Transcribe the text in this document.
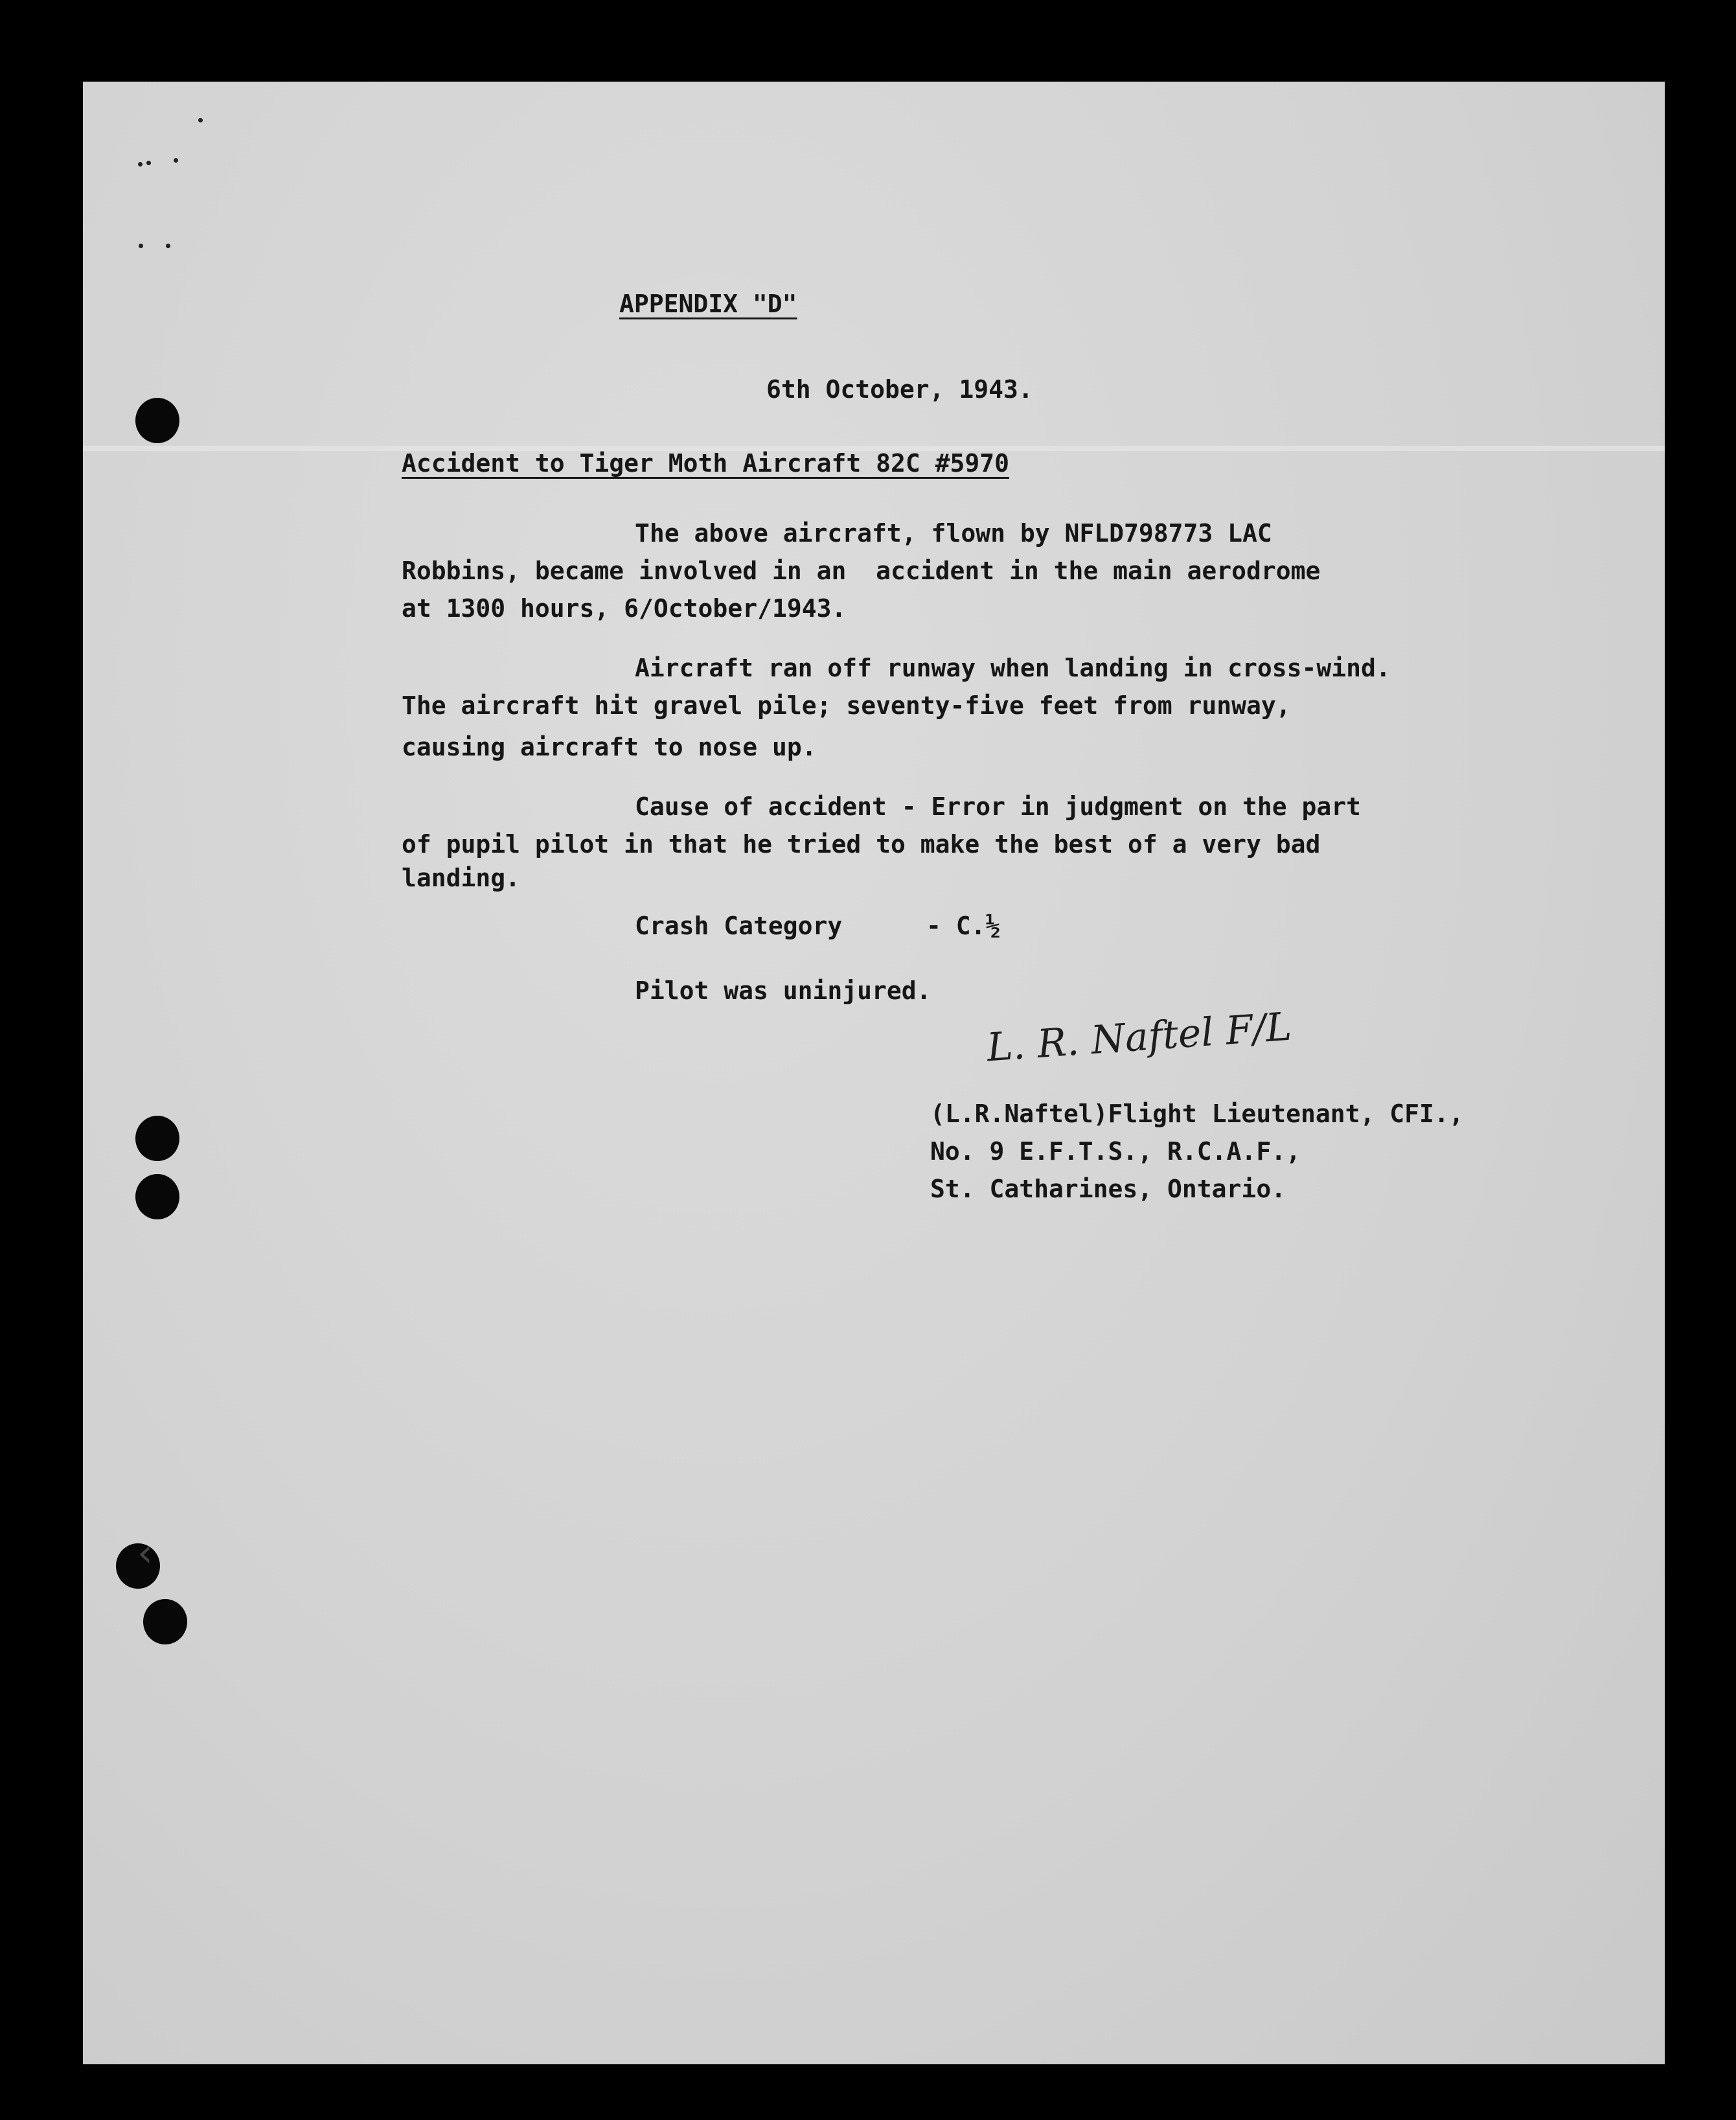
‹
APPENDIX "D"
6th October, 1943.
Accident to Tiger Moth Aircraft 82C #5970
The above aircraft, flown by NFLD798773 LAC
Robbins, became involved in an  accident in the main aerodrome
at 1300 hours, 6/October/1943.
Aircraft ran off runway when landing in cross-wind.
The aircraft hit gravel pile; seventy-five feet from runway,
causing aircraft to nose up.
Cause of accident - Error in judgment on the part
of pupil pilot in that he tried to make the best of a very bad
landing.
Crash Category	- C.½
Pilot was uninjured.
L. R. Naftel F/L
(L.R.Naftel)Flight Lieutenant, CFI.,
No. 9 E.F.T.S., R.C.A.F.,
St. Catharines, Ontario.
